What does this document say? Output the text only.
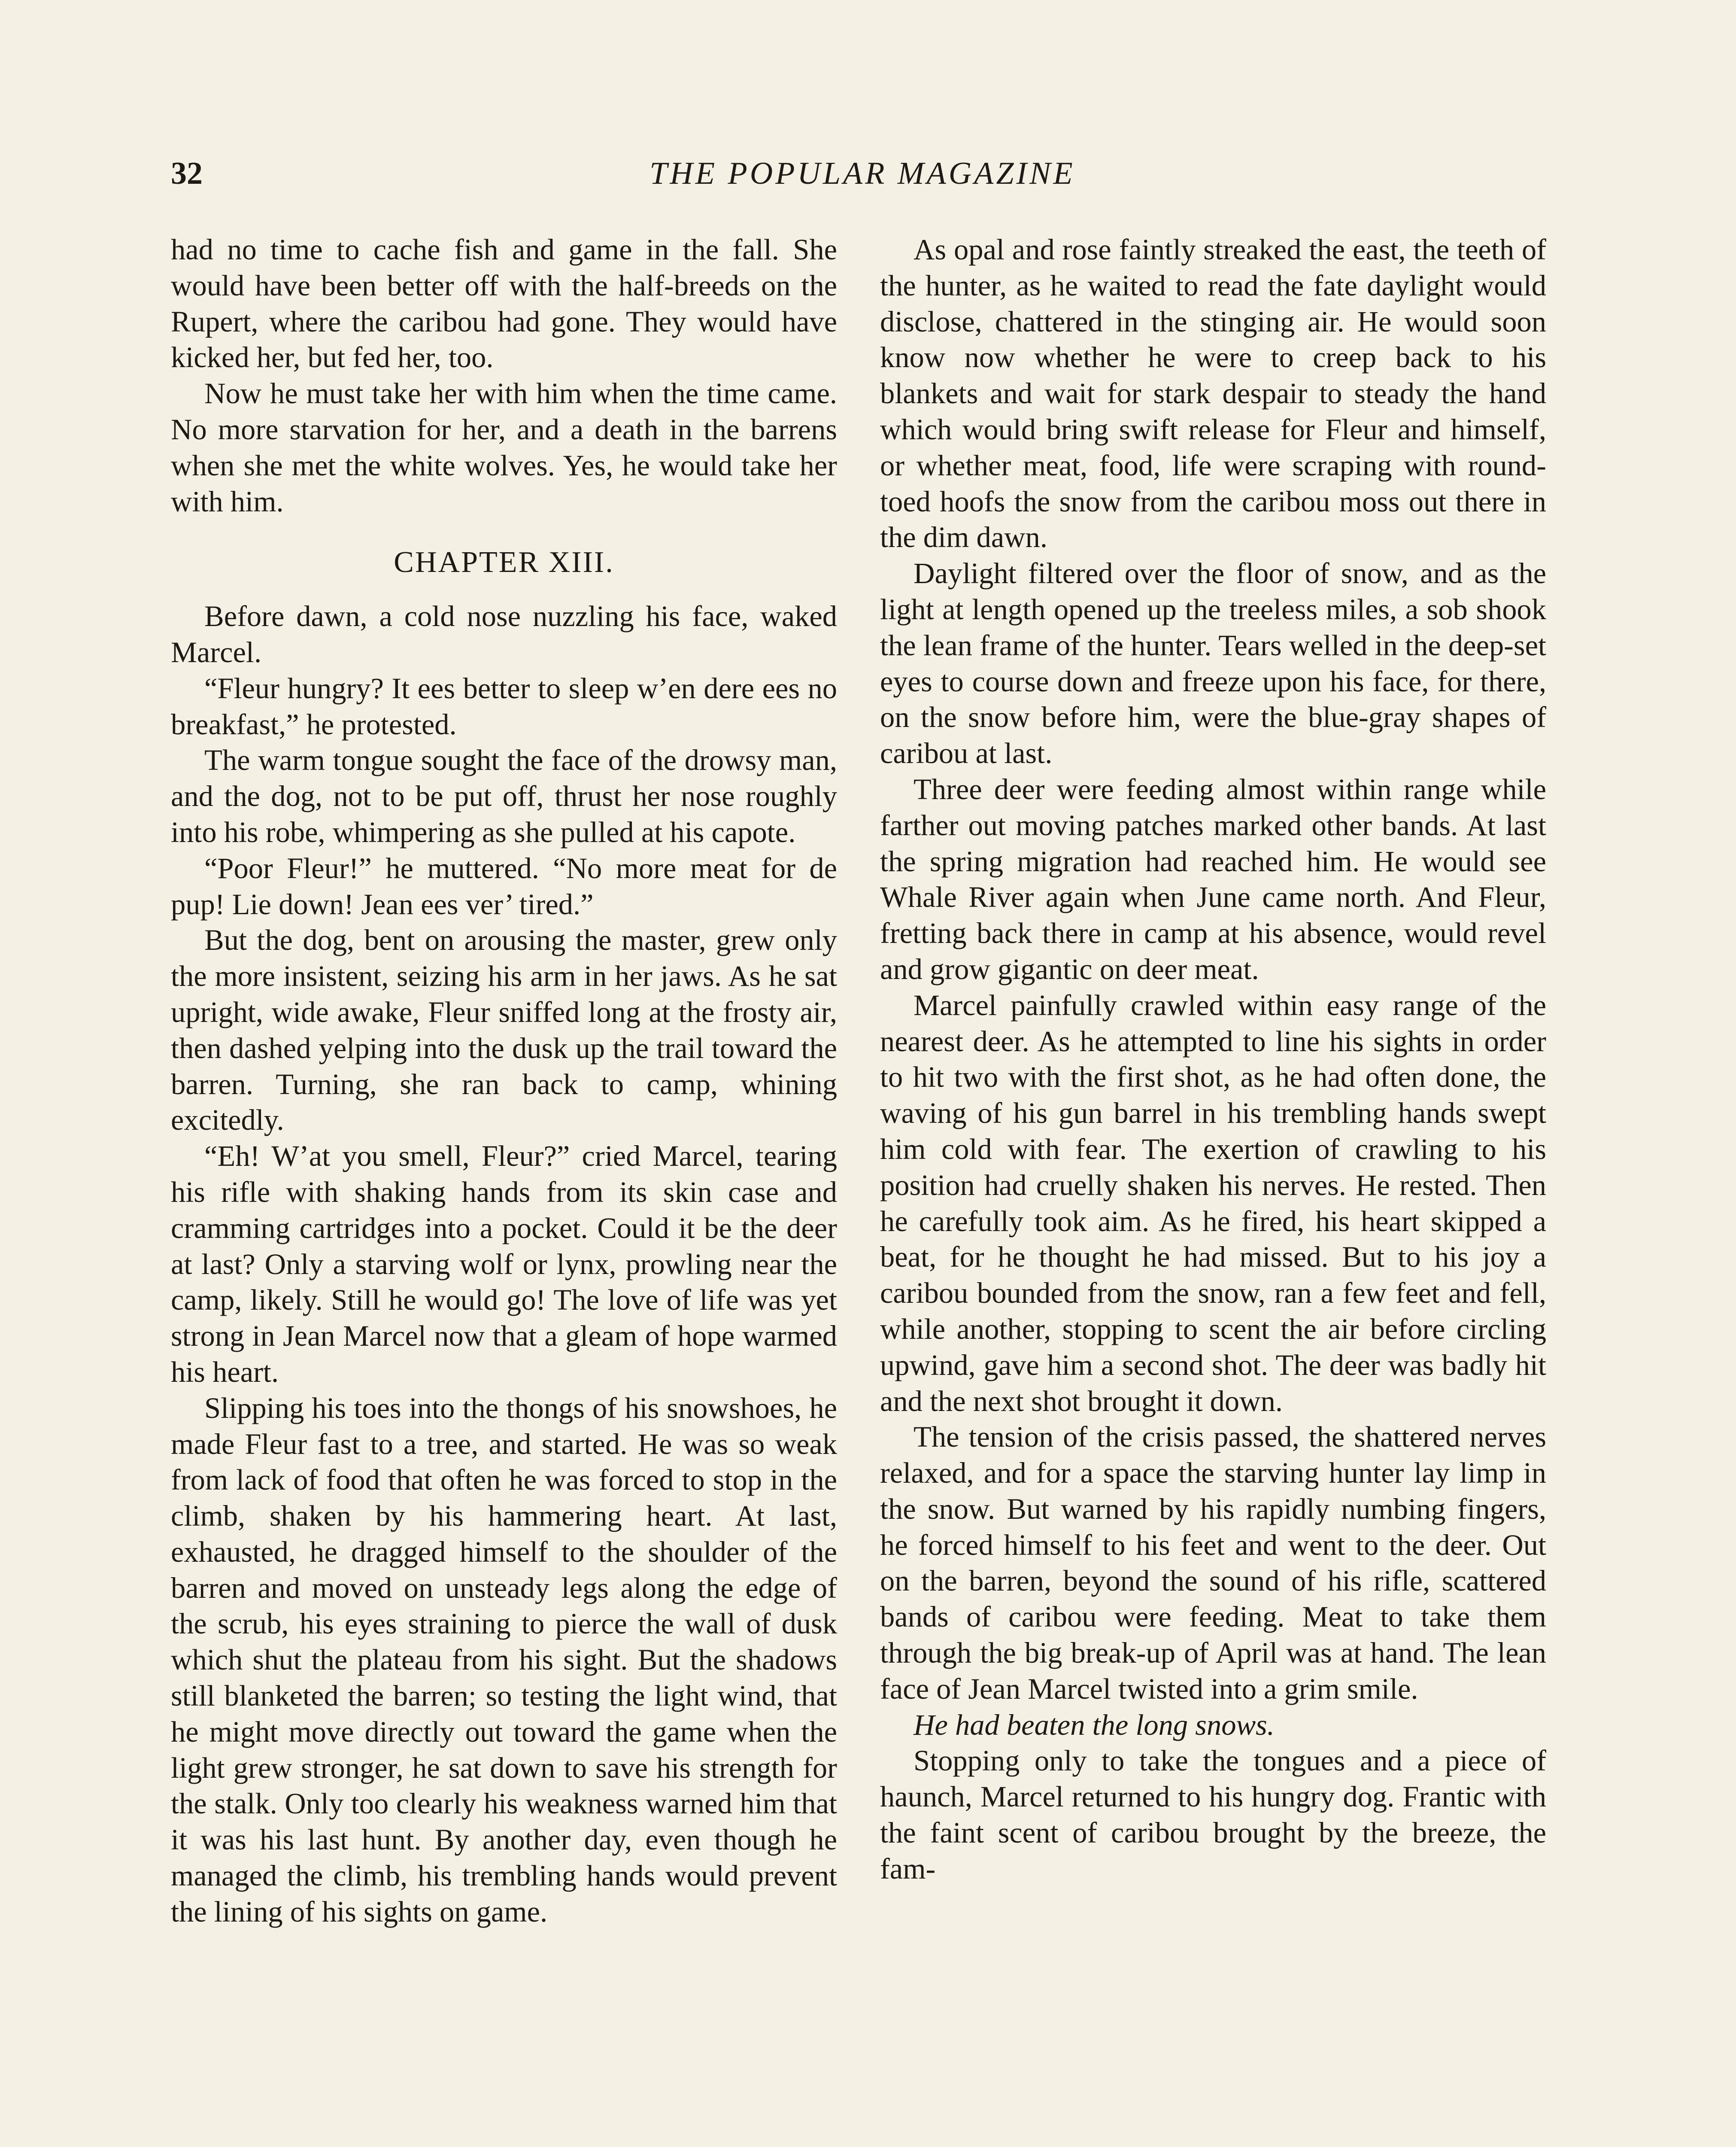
32	THE POPULAR MAGAZINE

had no time to cache fish and game in the fall. She would have been better off with the half-breeds on the Rupert, where the caribou had gone. They would have kicked her, but fed her, too.

Now he must take her with him when the time came. No more starvation for her, and a death in the barrens when she met the white wolves. Yes, he would take her with him.

CHAPTER XIII.

Before dawn, a cold nose nuzzling his face, waked Marcel.

“Fleur hungry? It ees better to sleep w’en dere ees no breakfast,” he protested.

The warm tongue sought the face of the drowsy man, and the dog, not to be put off, thrust her nose roughly into his robe, whimpering as she pulled at his capote.

“Poor Fleur!” he muttered. “No more meat for de pup! Lie down! Jean ees ver’ tired.”

But the dog, bent on arousing the master, grew only the more insistent, seizing his arm in her jaws. As he sat upright, wide awake, Fleur sniffed long at the frosty air, then dashed yelping into the dusk up the trail toward the barren. Turning, she ran back to camp, whining excitedly.

“Eh! W’at you smell, Fleur?” cried Marcel, tearing his rifle with shaking hands from its skin case and cramming cartridges into a pocket. Could it be the deer at last? Only a starving wolf or lynx, prowling near the camp, likely. Still he would go! The love of life was yet strong in Jean Marcel now that a gleam of hope warmed his heart.

Slipping his toes into the thongs of his snowshoes, he made Fleur fast to a tree, and started. He was so weak from lack of food that often he was forced to stop in the climb, shaken by his hammering heart. At last, exhausted, he dragged himself to the shoulder of the barren and moved on unsteady legs along the edge of the scrub, his eyes straining to pierce the wall of dusk which shut the plateau from his sight. But the shadows still blanketed the barren; so testing the light wind, that he might move directly out toward the game when the light grew stronger, he sat down to save his strength for the stalk. Only too clearly his weakness warned him that it was his last hunt. By another day, even though he managed the climb, his trembling hands would prevent the lining of his sights on game.

As opal and rose faintly streaked the east, the teeth of the hunter, as he waited to read the fate daylight would disclose, chattered in the stinging air. He would soon know now whether he were to creep back to his blankets and wait for stark despair to steady the hand which would bring swift release for Fleur and himself, or whether meat, food, life were scraping with round-toed hoofs the snow from the caribou moss out there in the dim dawn.

Daylight filtered over the floor of snow, and as the light at length opened up the treeless miles, a sob shook the lean frame of the hunter. Tears welled in the deep-set eyes to course down and freeze upon his face, for there, on the snow before him, were the blue-gray shapes of caribou at last.

Three deer were feeding almost within range while farther out moving patches marked other bands. At last the spring migration had reached him. He would see Whale River again when June came north. And Fleur, fretting back there in camp at his absence, would revel and grow gigantic on deer meat.

Marcel painfully crawled within easy range of the nearest deer. As he attempted to line his sights in order to hit two with the first shot, as he had often done, the waving of his gun barrel in his trembling hands swept him cold with fear. The exertion of crawling to his position had cruelly shaken his nerves. He rested. Then he carefully took aim. As he fired, his heart skipped a beat, for he thought he had missed. But to his joy a caribou bounded from the snow, ran a few feet and fell, while another, stopping to scent the air before circling upwind, gave him a second shot. The deer was badly hit and the next shot brought it down.

The tension of the crisis passed, the shattered nerves relaxed, and for a space the starving hunter lay limp in the snow. But warned by his rapidly numbing fingers, he forced himself to his feet and went to the deer. Out on the barren, beyond the sound of his rifle, scattered bands of caribou were feeding. Meat to take them through the big break-up of April was at hand. The lean face of Jean Marcel twisted into a grim smile.

He had beaten the long snows.

Stopping only to take the tongues and a piece of haunch, Marcel returned to his hungry dog. Frantic with the faint scent of caribou brought by the breeze, the fam-
